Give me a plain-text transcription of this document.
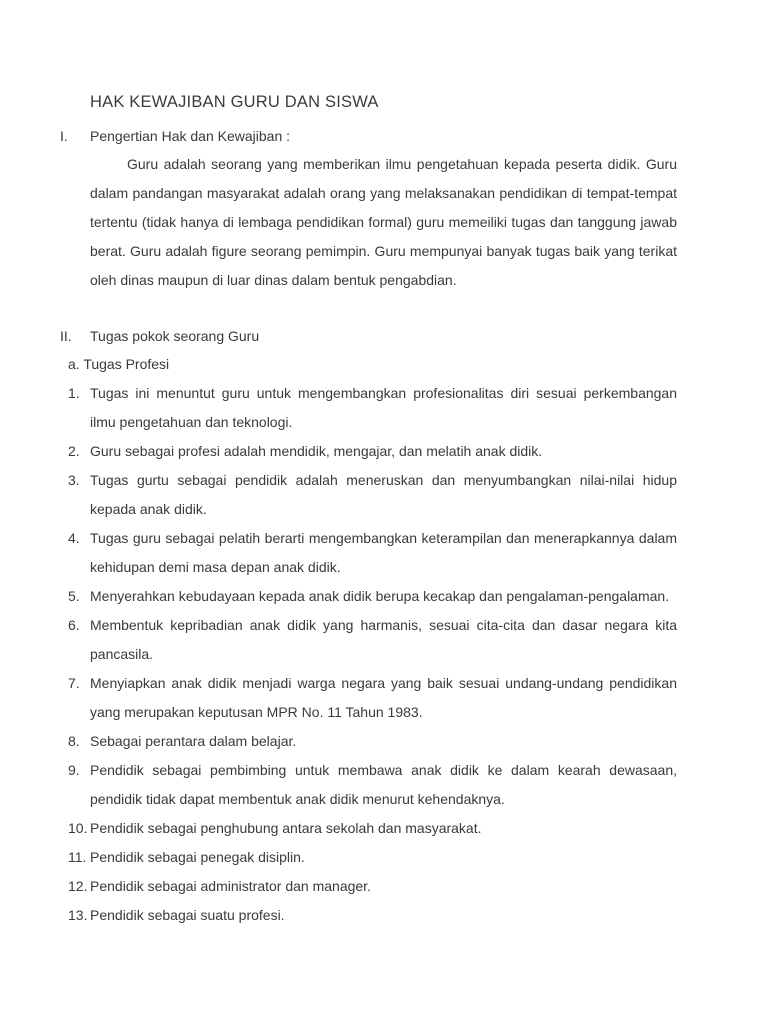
HAK KEWAJIBAN GURU DAN SISWA
I. Pengertian Hak dan Kewajiban :
Guru adalah seorang yang memberikan ilmu pengetahuan kepada peserta didik. Guru dalam pandangan masyarakat adalah orang yang melaksanakan pendidikan di tempat-tempat tertentu (tidak hanya di lembaga pendidikan formal) guru memeiliki tugas dan tanggung jawab berat. Guru adalah figure seorang pemimpin. Guru mempunyai banyak tugas baik yang terikat oleh dinas maupun di luar dinas dalam bentuk pengabdian.
II. Tugas pokok seorang Guru
a. Tugas Profesi
1. Tugas ini menuntut guru untuk mengembangkan profesionalitas diri sesuai perkembangan ilmu pengetahuan dan teknologi.
2. Guru sebagai profesi adalah mendidik, mengajar, dan melatih anak didik.
3. Tugas gurtu sebagai pendidik adalah meneruskan dan menyumbangkan nilai-nilai hidup kepada anak didik.
4. Tugas guru sebagai pelatih berarti mengembangkan keterampilan dan menerapkannya dalam kehidupan demi masa depan anak didik.
5. Menyerahkan kebudayaan kepada anak didik berupa kecakap dan pengalaman-pengalaman.
6. Membentuk kepribadian anak didik yang harmanis, sesuai cita-cita dan dasar negara kita pancasila.
7. Menyiapkan anak didik menjadi warga negara yang baik sesuai undang-undang pendidikan yang merupakan keputusan MPR No. 11 Tahun 1983.
8. Sebagai perantara dalam belajar.
9. Pendidik sebagai pembimbing untuk membawa anak didik ke dalam kearah dewasaan, pendidik tidak dapat membentuk anak didik menurut kehendaknya.
10. Pendidik sebagai penghubung antara sekolah dan masyarakat.
11. Pendidik sebagai penegak disiplin.
12. Pendidik sebagai administrator dan manager.
13. Pendidik sebagai suatu profesi.
